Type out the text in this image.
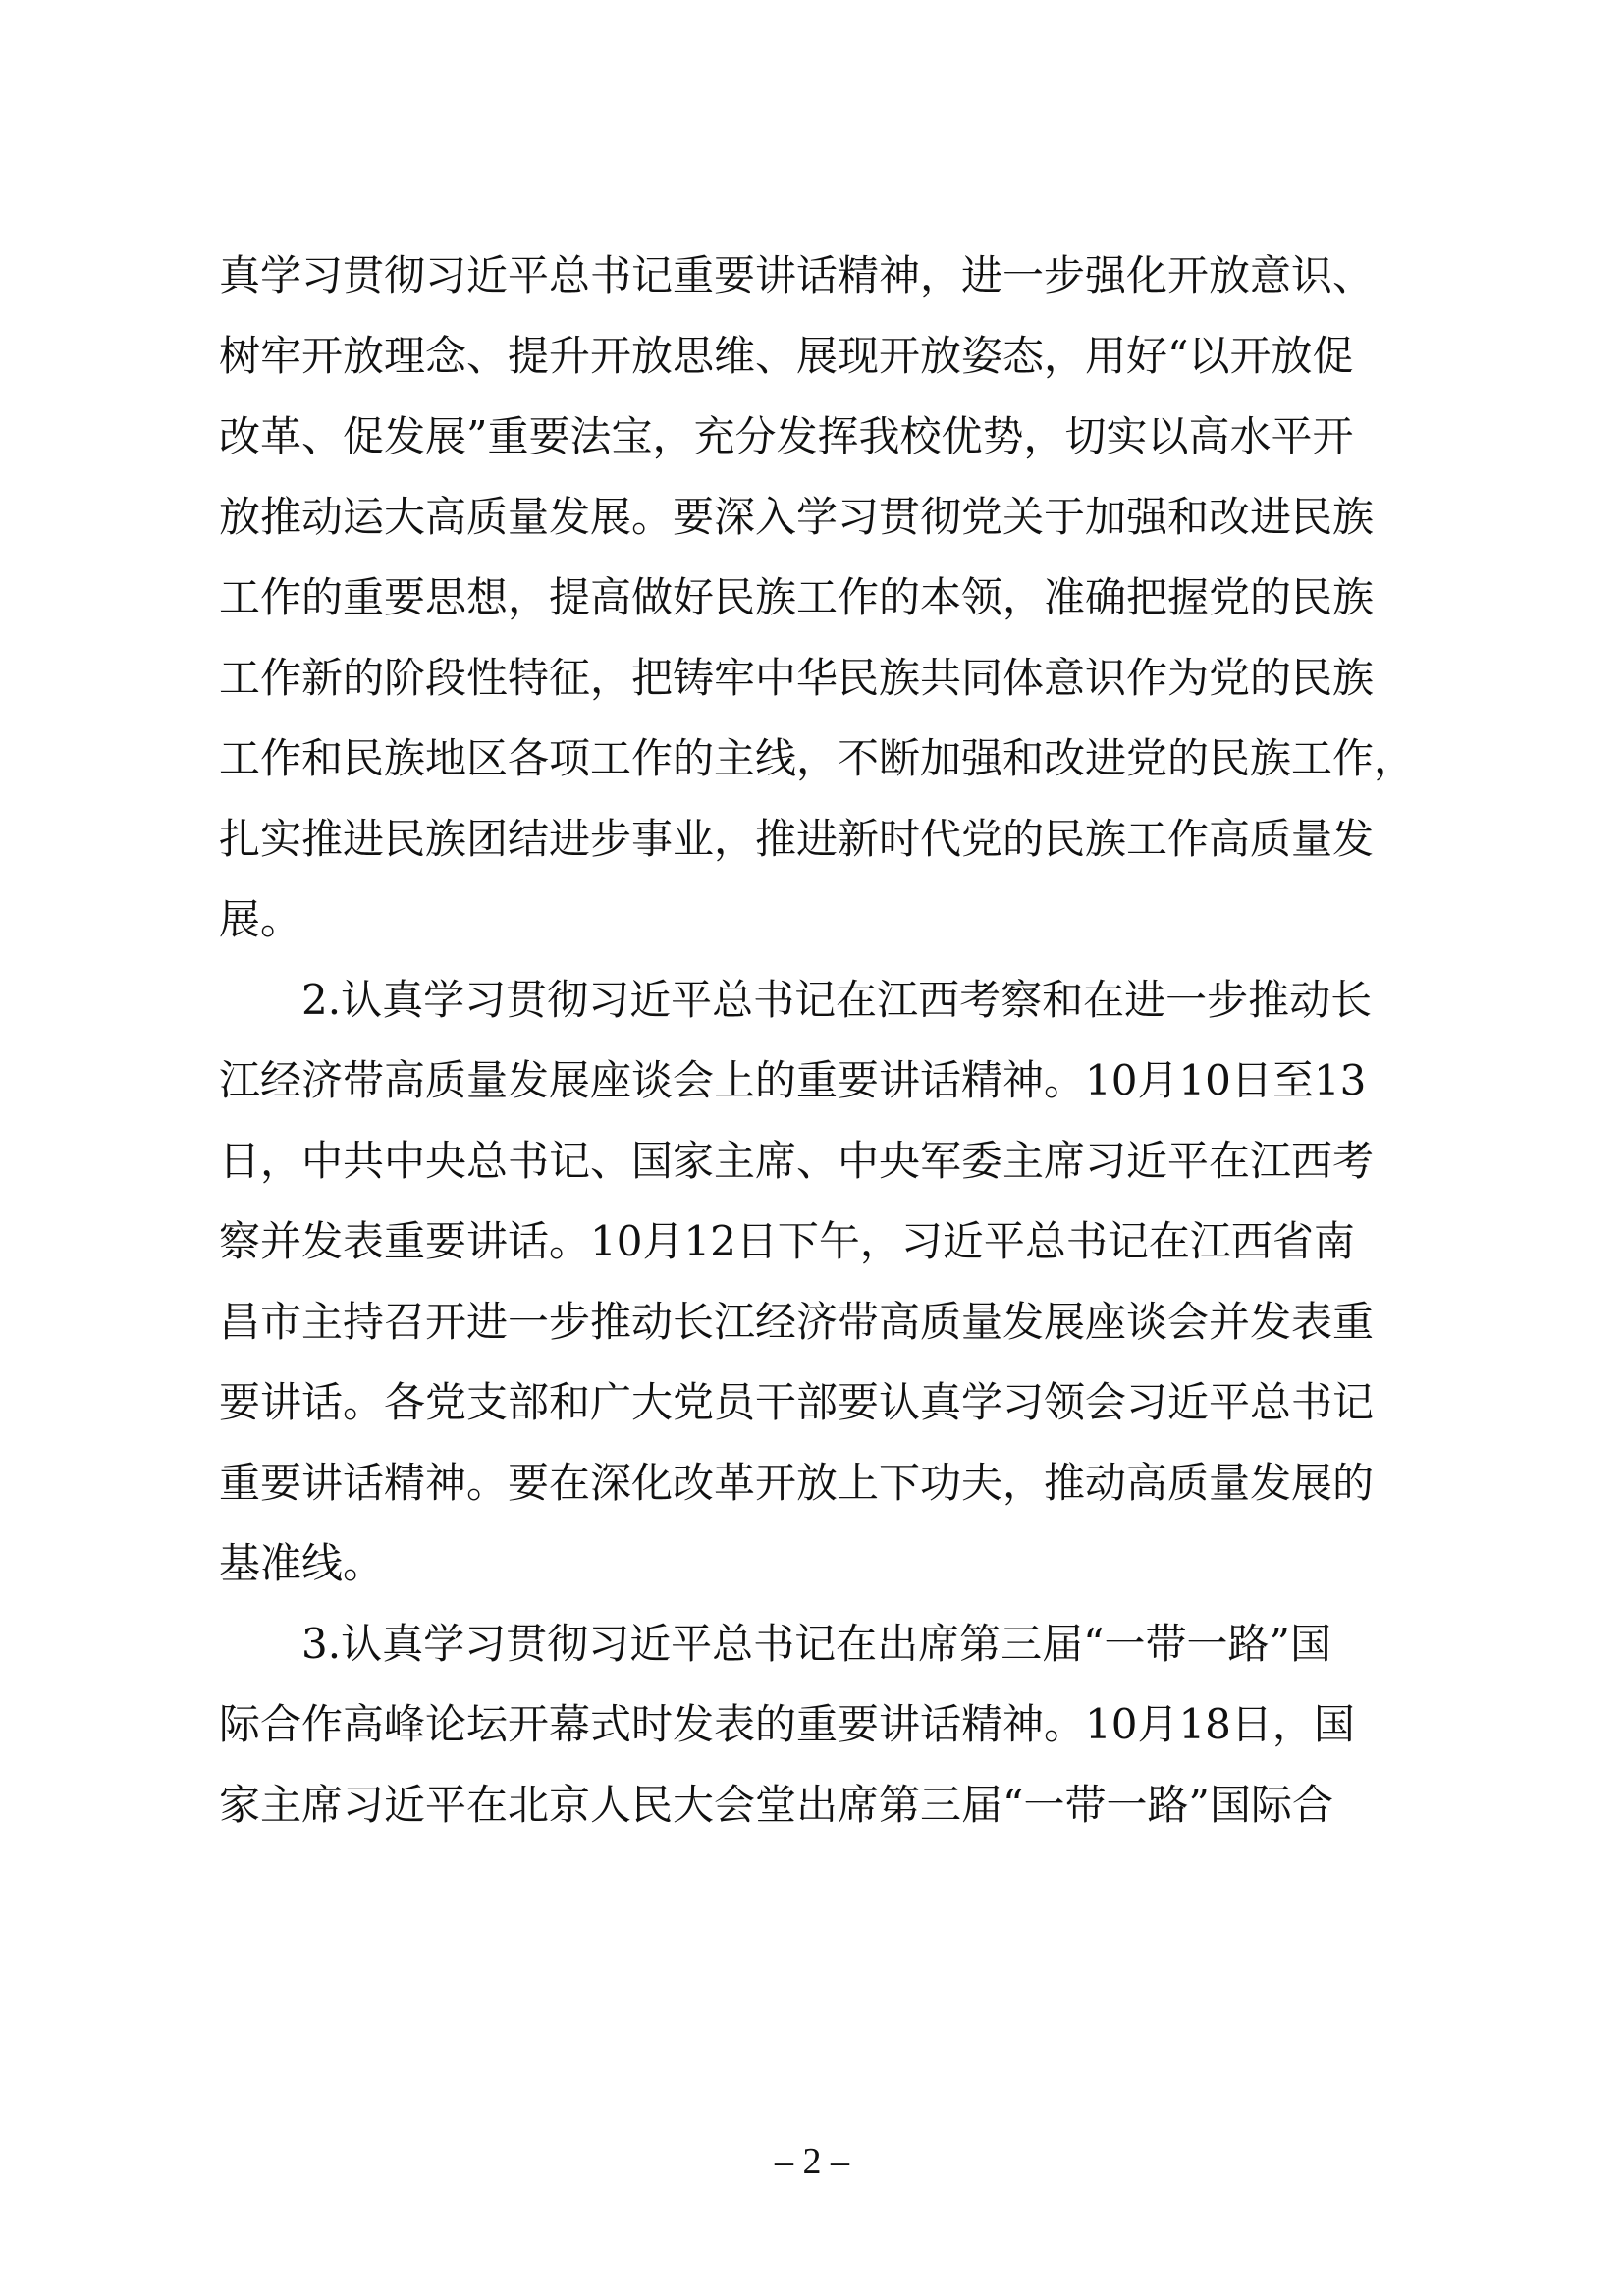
真学习贯彻习近平总书记重要讲话精神，进一步强化开放意识、
树牢开放理念、提升开放思维、展现开放姿态，用好“以开放促
改革、促发展”重要法宝，充分发挥我校优势，切实以高水平开
放推动运大高质量发展。要深入学习贯彻党关于加强和改进民族
工作的重要思想，提高做好民族工作的本领，准确把握党的民族
工作新的阶段性特征，把铸牢中华民族共同体意识作为党的民族
工作和民族地区各项工作的主线，不断加强和改进党的民族工作，
扎实推进民族团结进步事业，推进新时代党的民族工作高质量发
展。
2.认真学习贯彻习近平总书记在江西考察和在进一步推动长
江经济带高质量发展座谈会上的重要讲话精神。10月10日至13
日，中共中央总书记、国家主席、中央军委主席习近平在江西考
察并发表重要讲话。10月12日下午，习近平总书记在江西省南
昌市主持召开进一步推动长江经济带高质量发展座谈会并发表重
要讲话。各党支部和广大党员干部要认真学习领会习近平总书记
重要讲话精神。要在深化改革开放上下功夫，推动高质量发展的
基准线。
3.认真学习贯彻习近平总书记在出席第三届“一带一路”国
际合作高峰论坛开幕式时发表的重要讲话精神。10月18日，国
家主席习近平在北京人民大会堂出席第三届“一带一路”国际合
– 2 –
